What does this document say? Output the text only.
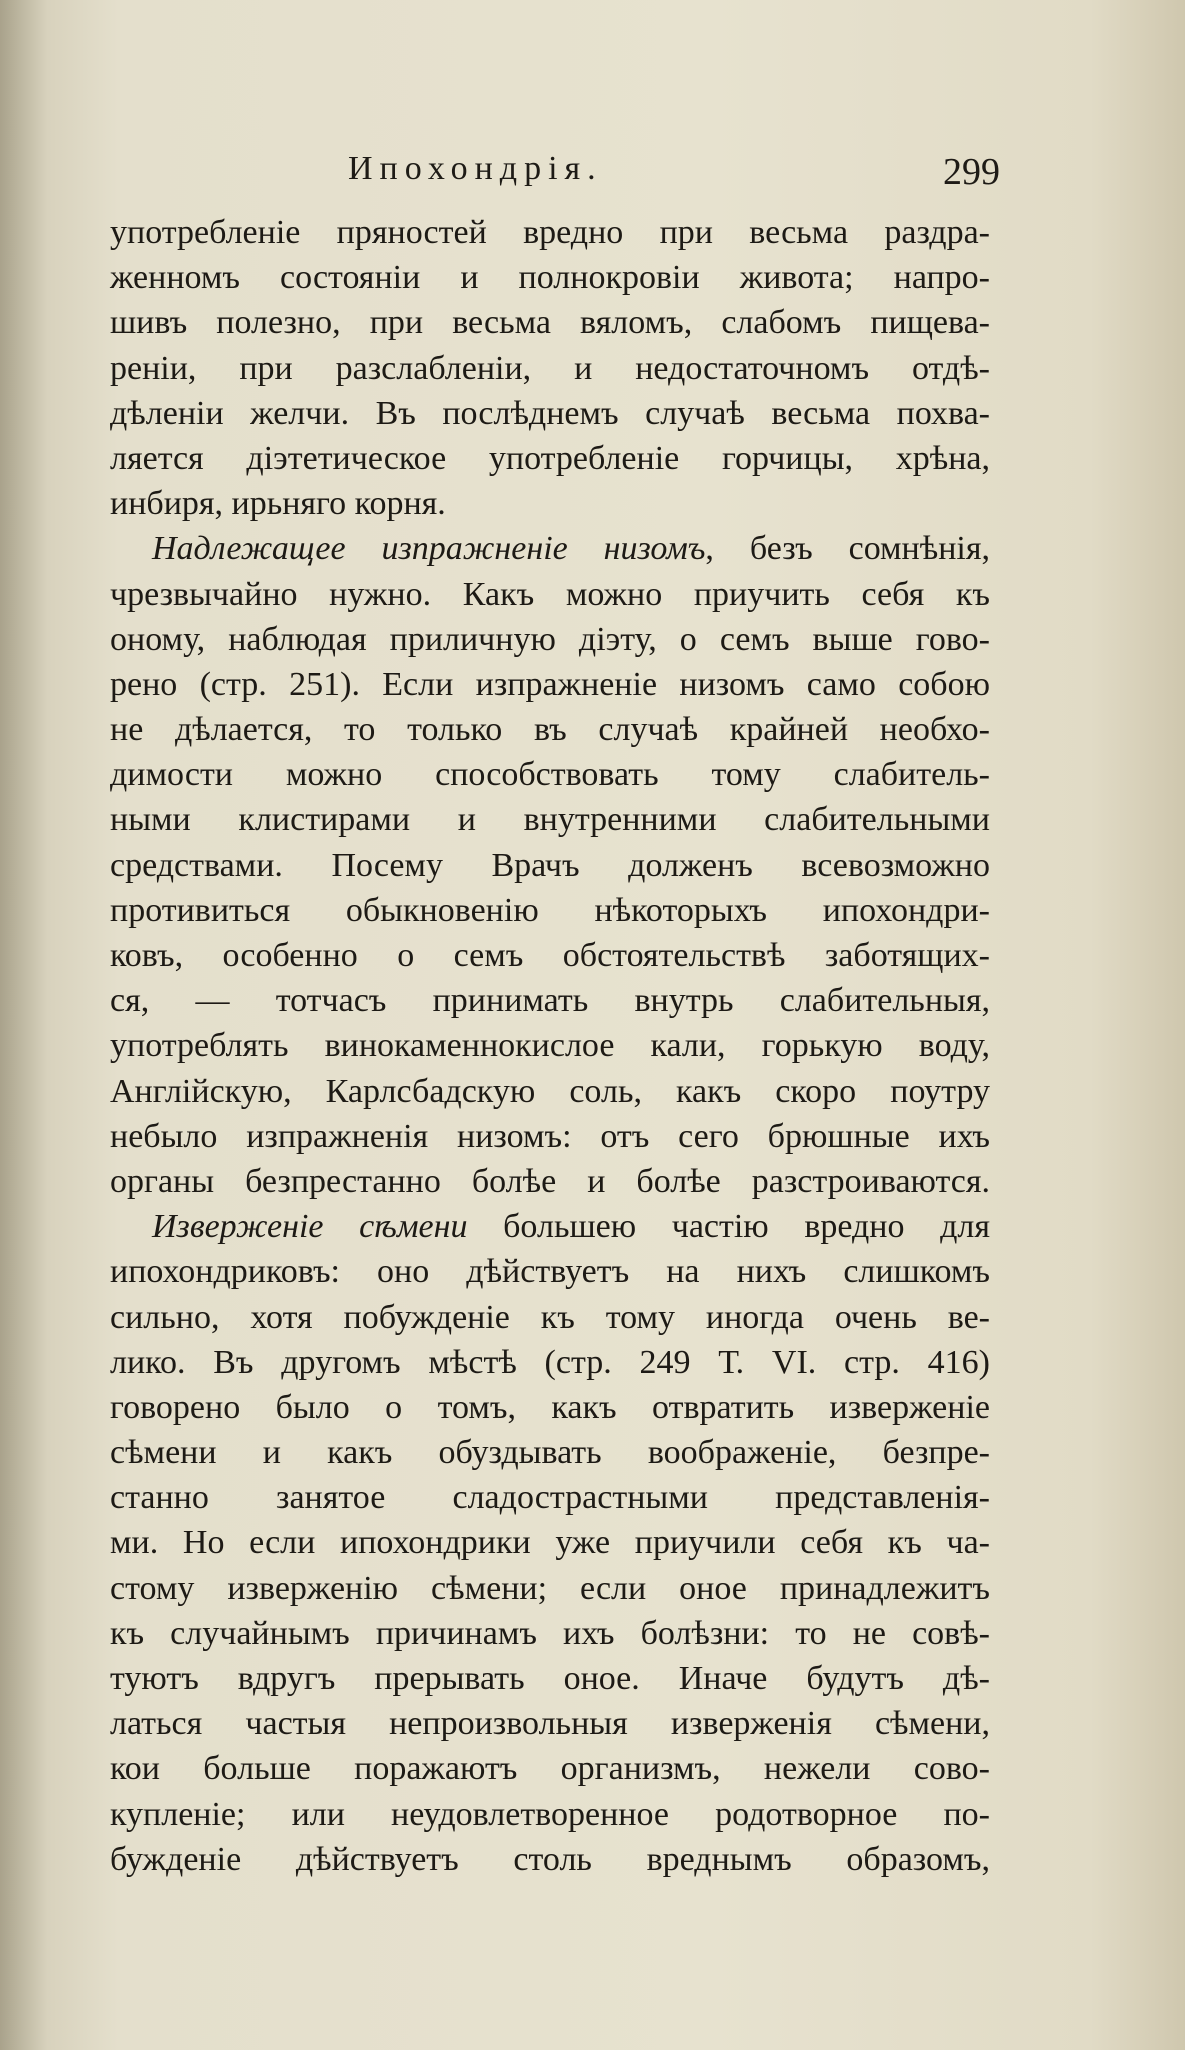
Ипохондрія.	299
употребленіе пряностей вредно при весьма раздра-
женномъ состояніи и полнокровіи живота; напро-
шивъ полезно, при весьма вяломъ, слабомъ пищева-
реніи, при разслабленіи, и недостаточномъ отдѣ-
дѣленіи желчи. Въ послѣднемъ случаѣ весьма похва-
ляется діэтетическое употребленіе горчицы, хрѣна,
инбиря, ирьняго корня.
Надлежащее изпражненіе низомъ, безъ сомнѣнія,
чрезвычайно нужно. Какъ можно приучить себя къ
оному, наблюдая приличную діэту, о семъ выше гово-
рено (стр. 251). Если изпражненіе низомъ само собою
не дѣлается, то только въ случаѣ крайней необхо-
димости можно способствовать тому слабитель-
ными клистирами и внутренними слабительными
средствами. Посему Врачъ долженъ всевозможно
противиться обыкновенію нѣкоторыхъ ипохондри-
ковъ, особенно о семъ обстоятельствѣ заботящих-
ся, — тотчасъ принимать внутрь слабительныя,
употреблять винокаменнокислое кали, горькую воду,
Англійскую, Карлсбадскую соль, какъ скоро поутру
небыло изпражненія низомъ: отъ сего брюшные ихъ
органы безпрестанно болѣе и болѣе разстроиваются.
Изверженіе сѣмени большею частію вредно для
ипохондриковъ: оно дѣйствуетъ на нихъ слишкомъ
сильно, хотя побужденіе къ тому иногда очень ве-
лико. Въ другомъ мѣстѣ (стр. 249 Т. VI. стр. 416)
говорено было о томъ, какъ отвратить изверженіе
сѣмени и какъ обуздывать воображеніе, безпре-
станно занятое сладострастными представленія-
ми. Но если ипохондрики уже приучили себя къ ча-
стому изверженію сѣмени; если оное принадлежитъ
къ случайнымъ причинамъ ихъ болѣзни: то не совѣ-
туютъ вдругъ прерывать оное. Иначе будутъ дѣ-
латься частыя непроизвольныя изверженія сѣмени,
кои больше поражаютъ организмъ, нежели сово-
купленіе; или неудовлетворенное родотворное по-
бужденіе дѣйствуетъ столь вреднымъ образомъ,
